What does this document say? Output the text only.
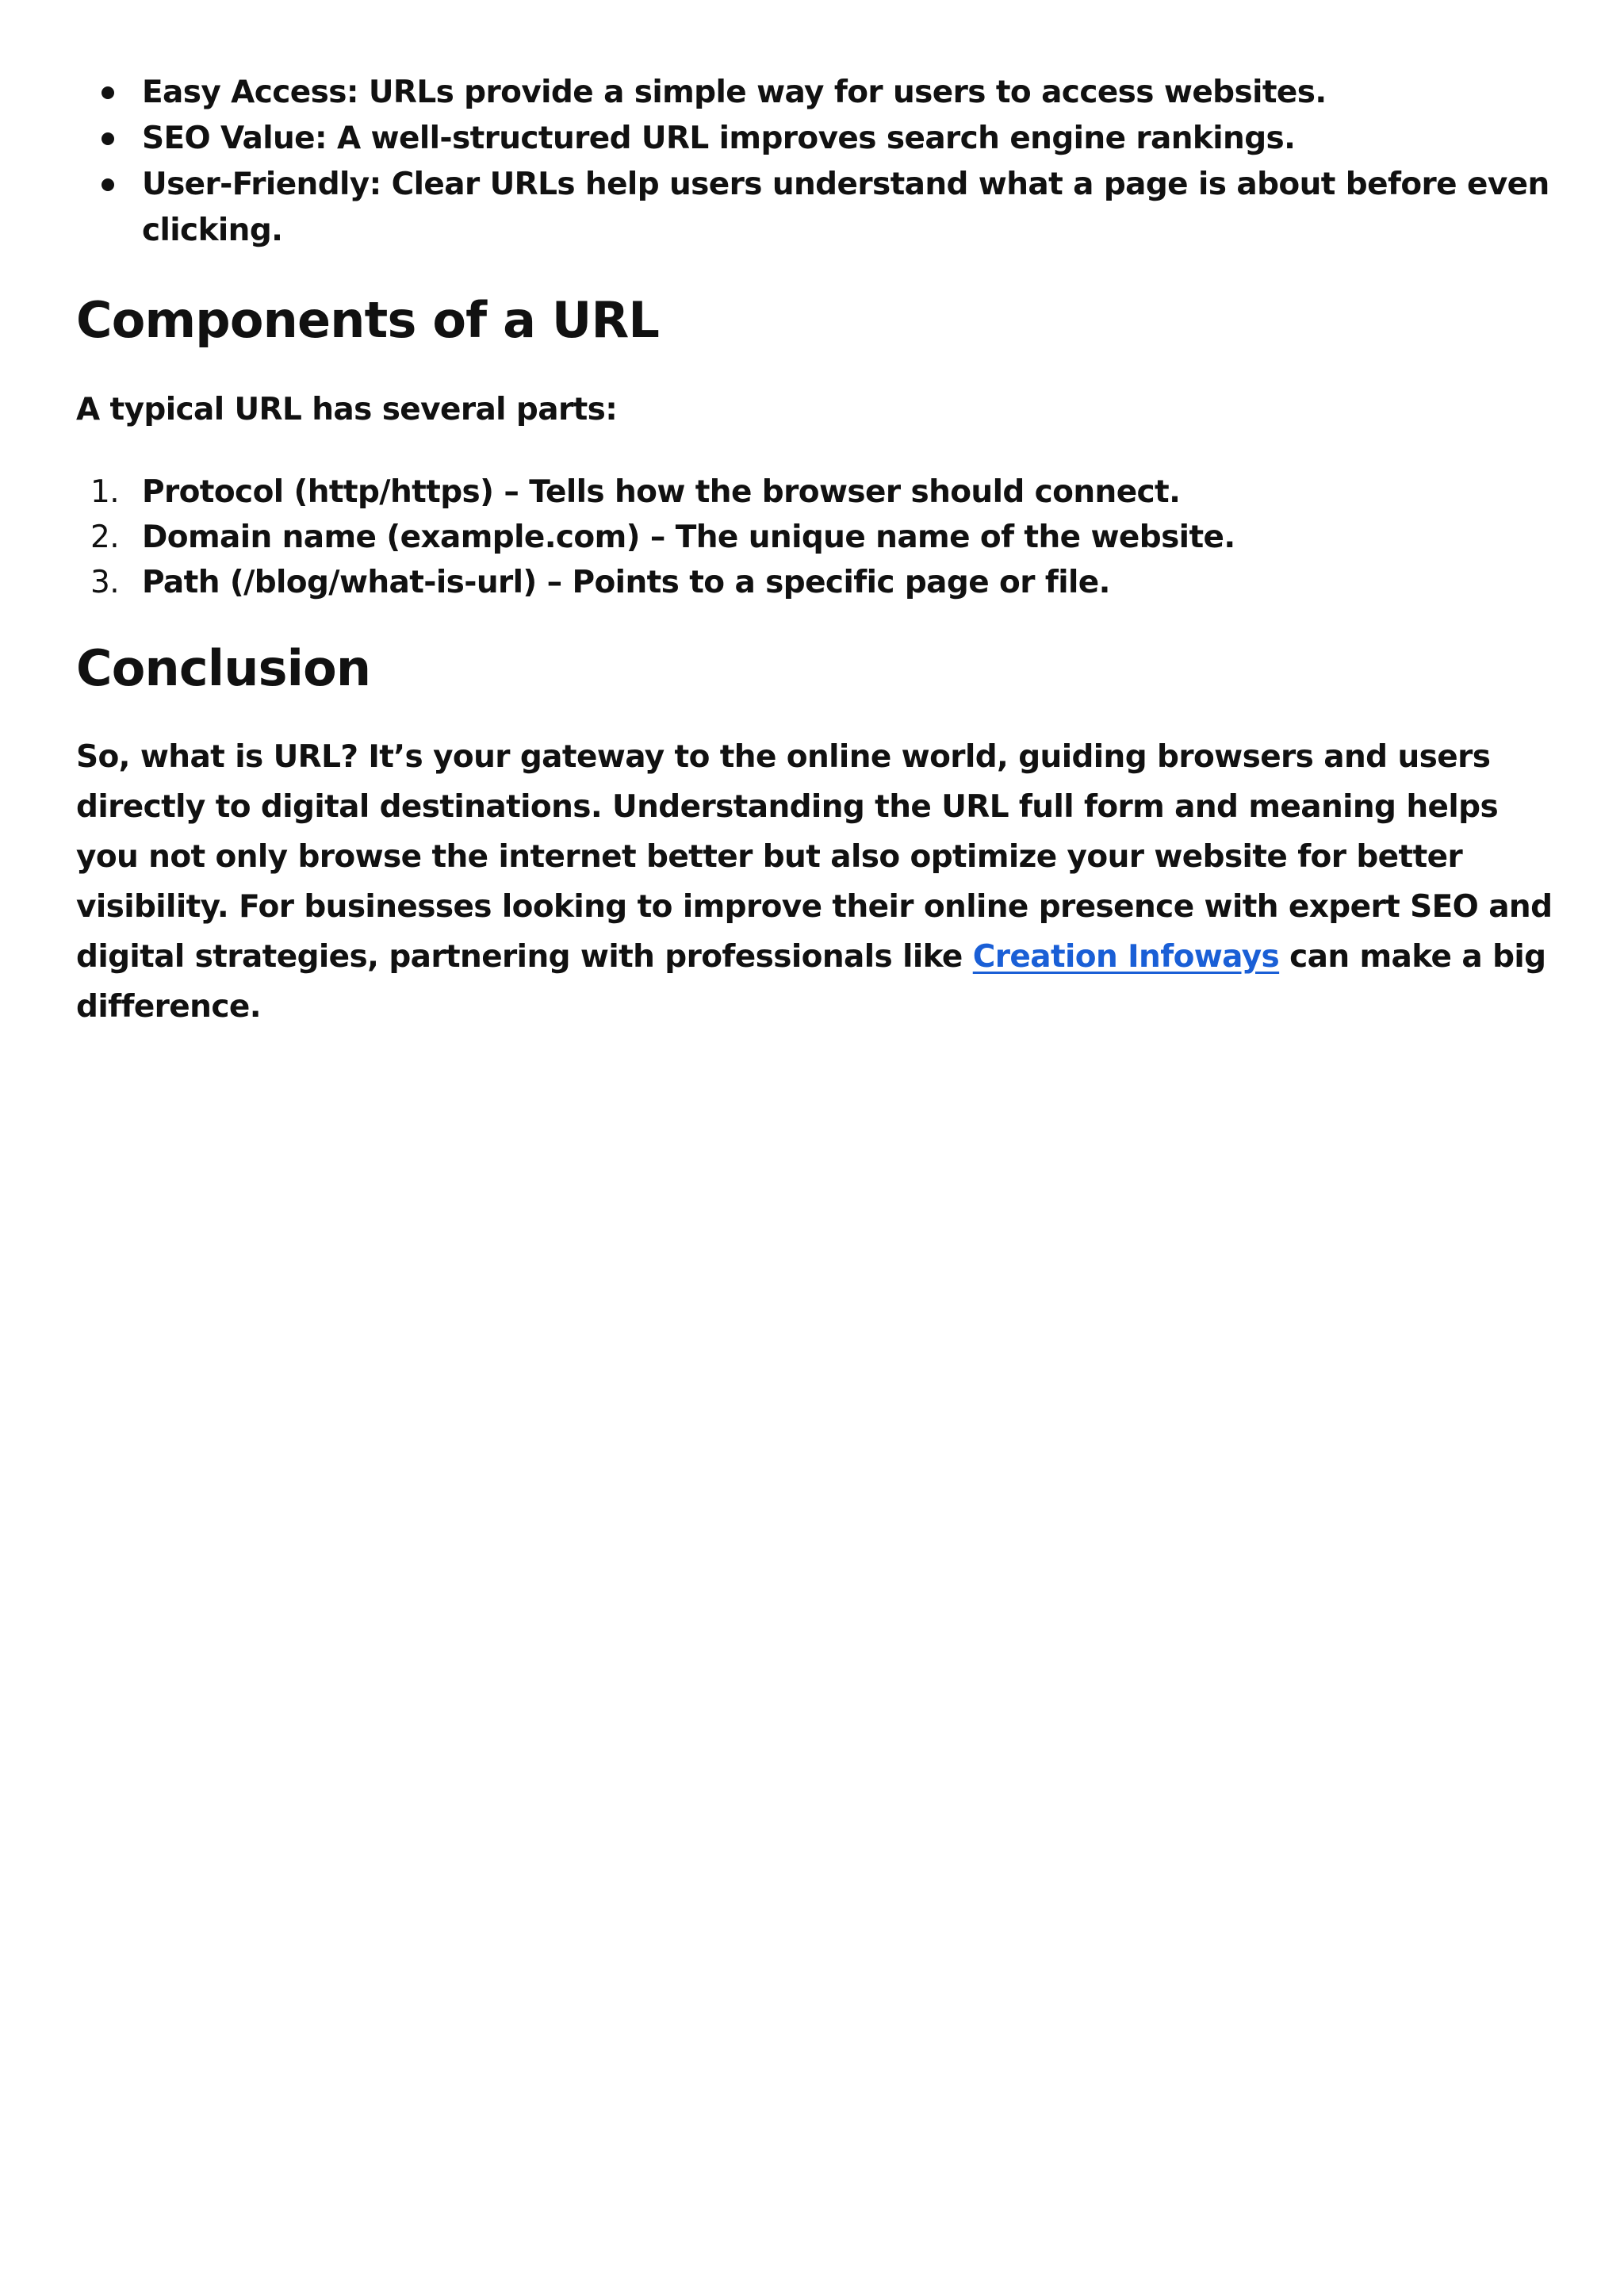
Easy Access: URLs provide a simple way for users to access websites.
SEO Value: A well-structured URL improves search engine rankings.
User-Friendly: Clear URLs help users understand what a page is about before even clicking.
Components of a URL

A typical URL has several parts:

1. Protocol (http/https) – Tells how the browser should connect.
2. Domain name (example.com) – The unique name of the website.
3. Path (/blog/what-is-url) – Points to a specific page or file.
Conclusion

So, what is URL? It’s your gateway to the online world, guiding browsers and users directly to digital destinations. Understanding the URL full form and meaning helps you not only browse the internet better but also optimize your website for better visibility. For businesses looking to improve their online presence with expert SEO and digital strategies, partnering with professionals like Creation Infoways can make a big difference.
